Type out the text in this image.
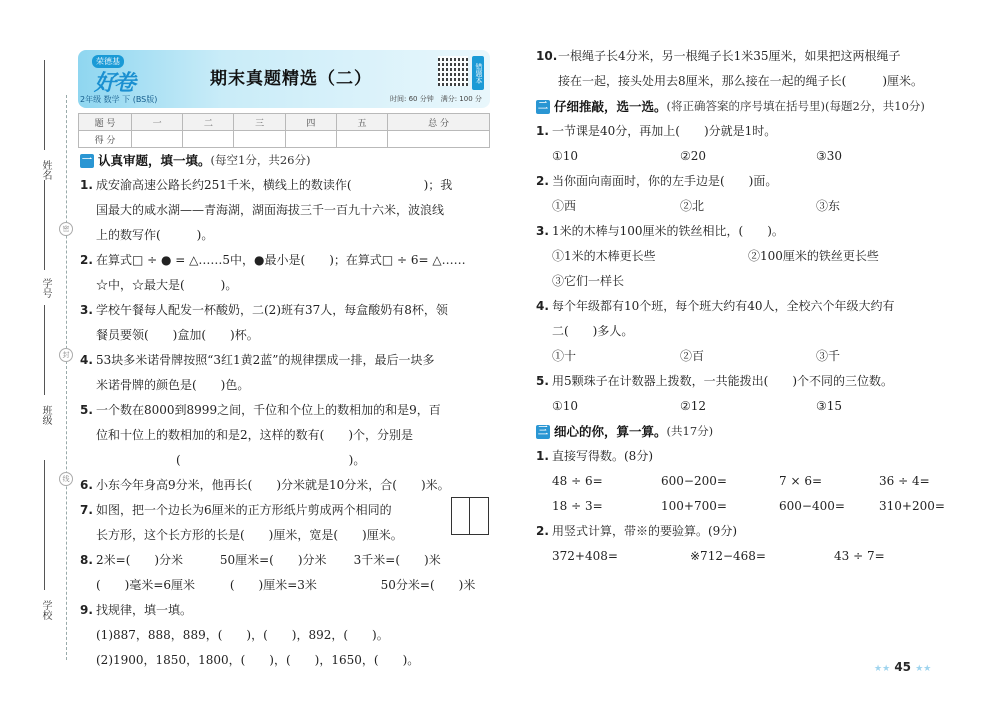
姓名
学号
班级
学校
密
封
线
荣德基
好卷
2年级 数学 下 (BS版)
期末真题精选（二）	错题本
时间: 60 分钟　满分: 100 分
题 号	一	二	三	四	五	总 分
得 分						
一 认真审题，填一填。 (每空1分，共26分)
1. 成安渝高速公路长约251千米，横线上的数读作(　　　　　　)；我
国最大的咸水湖——青海湖，湖面海拔三千一百九十六米，波浪线
上的数写作(　　　)。
2. 在算式□ ÷ ● = △……5中，●最小是(　　)；在算式□ ÷ 6= △……
☆中，☆最大是(　　　)。
3. 学校午餐每人配发一杯酸奶，二(2)班有37人，每盒酸奶有8杯，领
餐员要领(　　)盒加(　　)杯。
4. 53块多米诺骨牌按照“3红1黄2蓝”的规律摆成一排，最后一块多
米诺骨牌的颜色是(　　)色。
5. 一个数在8000到8999之间，千位和个位上的数相加的和是9，百
位和十位上的数相加的和是2，这样的数有(　　)个，分别是
(　　　　　　　　　　　　　　)。
6. 小东今年身高9分米，他再长(　　)分米就是10分米，合(　　)米。
7. 如图，把一个边长为6厘米的正方形纸片剪成两个相同的
长方形，这个长方形的长是(　　)厘米，宽是(　　)厘米。
8. 2米=(　　)分米	50厘米=(　　)分米 3千米=(　　)米
(　　)毫米=6厘米	(　　)厘米=3米	50分米=(　　)米
9. 找规律，填一填。
(1)887，888，889，(　　)，(　　)，892，(　　)。
(2)1900，1850，1800，(　　)，(　　)，1650，(　　)。
10. 一根绳子长4分米，另一根绳子长1米35厘米，如果把这两根绳子
接在一起，接头处用去8厘米，那么接在一起的绳子长(　　　)厘米。
二 仔细推敲，选一选。 (将正确答案的序号填在括号里)(每题2分，共10分)
1. 一节课是40分，再加上(　　)分就是1时。
①10	②20	③30
2. 当你面向南面时，你的左手边是(　　)面。
①西	②北	③东
3. 1米的木棒与100厘米的铁丝相比，(　　)。
①1米的木棒更长些	②100厘米的铁丝更长些
③它们一样长
4. 每个年级都有10个班，每个班大约有40人，全校六个年级大约有
二(　　)多人。
①十	②百	③千
5. 用5颗珠子在计数器上拨数，一共能拨出(　　)个不同的三位数。
①10	②12	③15
三 细心的你，算一算。 (共17分)
1. 直接写得数。(8分)
48 ÷ 6=	600−200=	7 × 6=	36 ÷ 4=
18 ÷ 3=	100+700=	600−400=	310+200=
2. 用竖式计算，带※的要验算。(9分)
372+408=	※712−468=	43 ÷ 7=
★★ 45 ★★
